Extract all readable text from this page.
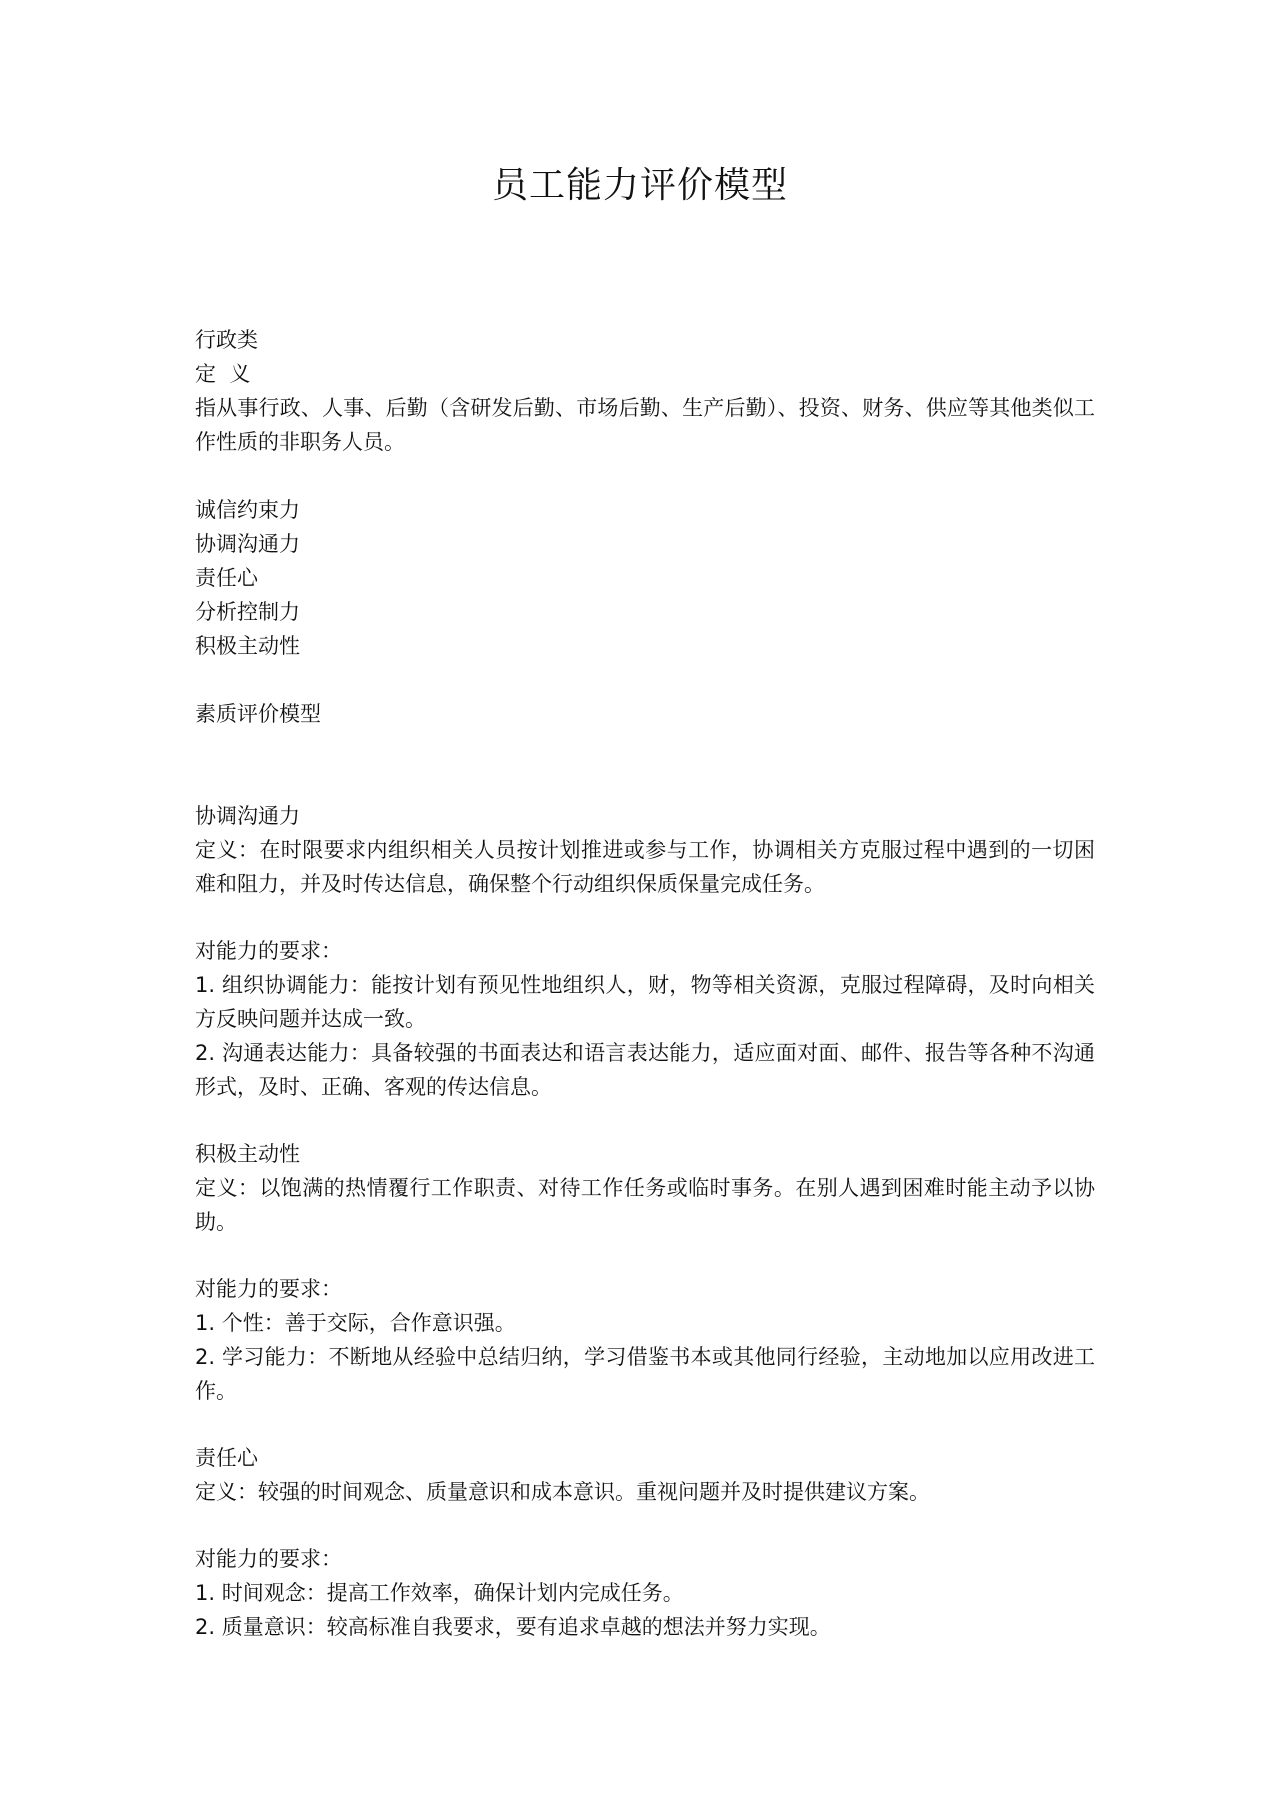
员工能力评价模型
行政类
定  义
指从事行政、人事、后勤（含研发后勤、市场后勤、生产后勤）、投资、财务、供应等其他类似工作性质的非职务人员。
诚信约束力
协调沟通力
责任心
分析控制力
积极主动性
素质评价模型
协调沟通力
定义：在时限要求内组织相关人员按计划推进或参与工作，协调相关方克服过程中遇到的一切困难和阻力，并及时传达信息，确保整个行动组织保质保量完成任务。
对能力的要求：
1. 组织协调能力：能按计划有预见性地组织人，财，物等相关资源，克服过程障碍，及时向相关方反映问题并达成一致。
2. 沟通表达能力：具备较强的书面表达和语言表达能力，适应面对面、邮件、报告等各种不沟通形式，及时、正确、客观的传达信息。
积极主动性
定义：以饱满的热情覆行工作职责、对待工作任务或临时事务。在别人遇到困难时能主动予以协助。
对能力的要求：
1. 个性：善于交际，合作意识强。
2. 学习能力：不断地从经验中总结归纳，学习借鉴书本或其他同行经验，主动地加以应用改进工作。
责任心
定义：较强的时间观念、质量意识和成本意识。重视问题并及时提供建议方案。
对能力的要求：
1. 时间观念：提高工作效率，确保计划内完成任务。
2. 质量意识：较高标准自我要求，要有追求卓越的想法并努力实现。
